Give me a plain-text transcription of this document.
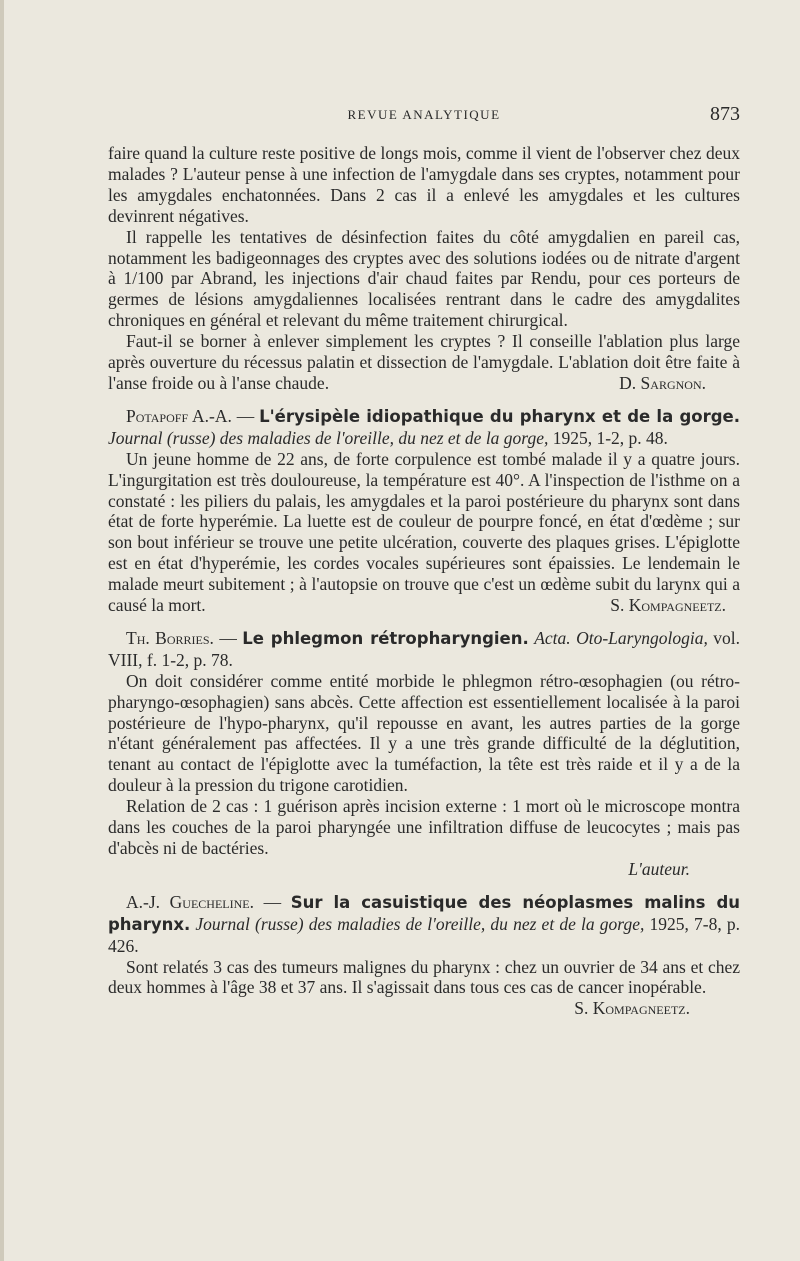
REVUE ANALYTIQUE	873

faire quand la culture reste positive de longs mois, comme il vient de l'observer chez deux malades ? L'auteur pense à une infection de l'amygdale dans ses cryptes, notamment pour les amygdales enchatonnées. Dans 2 cas il a enlevé les amygdales et les cultures devinrent négatives.

Il rappelle les tentatives de désinfection faites du côté amygdalien en pareil cas, notamment les badigeonnages des cryptes avec des solutions iodées ou de nitrate d'argent à 1/100 par Abrand, les injections d'air chaud faites par Rendu, pour ces porteurs de germes de lésions amygdaliennes localisées rentrant dans le cadre des amygdalites chroniques en général et relevant du même traitement chirurgical.

Faut-il se borner à enlever simplement les cryptes ? Il conseille l'ablation plus large après ouverture du récessus palatin et dissection de l'amygdale. L'ablation doit être faite à l'anse froide ou à l'anse chaude.	D. Sargnon.

Potapoff A.-A. — L'érysipèle idiopathique du pharynx et de la gorge. Journal (russe) des maladies de l'oreille, du nez et de la gorge, 1925, 1-2, p. 48.

Un jeune homme de 22 ans, de forte corpulence est tombé malade il y a quatre jours. L'ingurgitation est très douloureuse, la température est 40°. A l'inspection de l'isthme on a constaté : les piliers du palais, les amygdales et la paroi postérieure du pharynx sont dans état de forte hyperémie. La luette est de couleur de pourpre foncé, en état d'œdème ; sur son bout inférieur se trouve une petite ulcération, couverte des plaques grises. L'épiglotte est en état d'hyperémie, les cordes vocales supérieures sont épaissies. Le lendemain le malade meurt subitement ; à l'autopsie on trouve que c'est un œdème subit du larynx qui a causé la mort.	S. Kompagneetz.

Th. Borries. — Le phlegmon rétropharyngien. Acta. Oto-Laryngologia, vol. VIII, f. 1-2, p. 78.

On doit considérer comme entité morbide le phlegmon rétro-œsophagien (ou rétro-pharyngo-œsophagien) sans abcès. Cette affection est essentiellement localisée à la paroi postérieure de l'hypo-pharynx, qu'il repousse en avant, les autres parties de la gorge n'étant généralement pas affectées. Il y a une très grande difficulté de la déglutition, tenant au contact de l'épiglotte avec la tuméfaction, la tête est très raide et il y a de la douleur à la pression du trigone carotidien.

Relation de 2 cas : 1 guérison après incision externe : 1 mort où le microscope montra dans les couches de la paroi pharyngée une infiltration diffuse de leucocytes ; mais pas d'abcès ni de bactéries.

L'auteur.

A.-J. Guecheline. — Sur la casuistique des néoplasmes malins du pharynx. Journal (russe) des maladies de l'oreille, du nez et de la gorge, 1925, 7-8, p. 426.

Sont relatés 3 cas des tumeurs malignes du pharynx : chez un ouvrier de 34 ans et chez deux hommes à l'âge 38 et 37 ans. Il s'agissait dans tous ces cas de cancer inopérable.
S. Kompagneetz.
